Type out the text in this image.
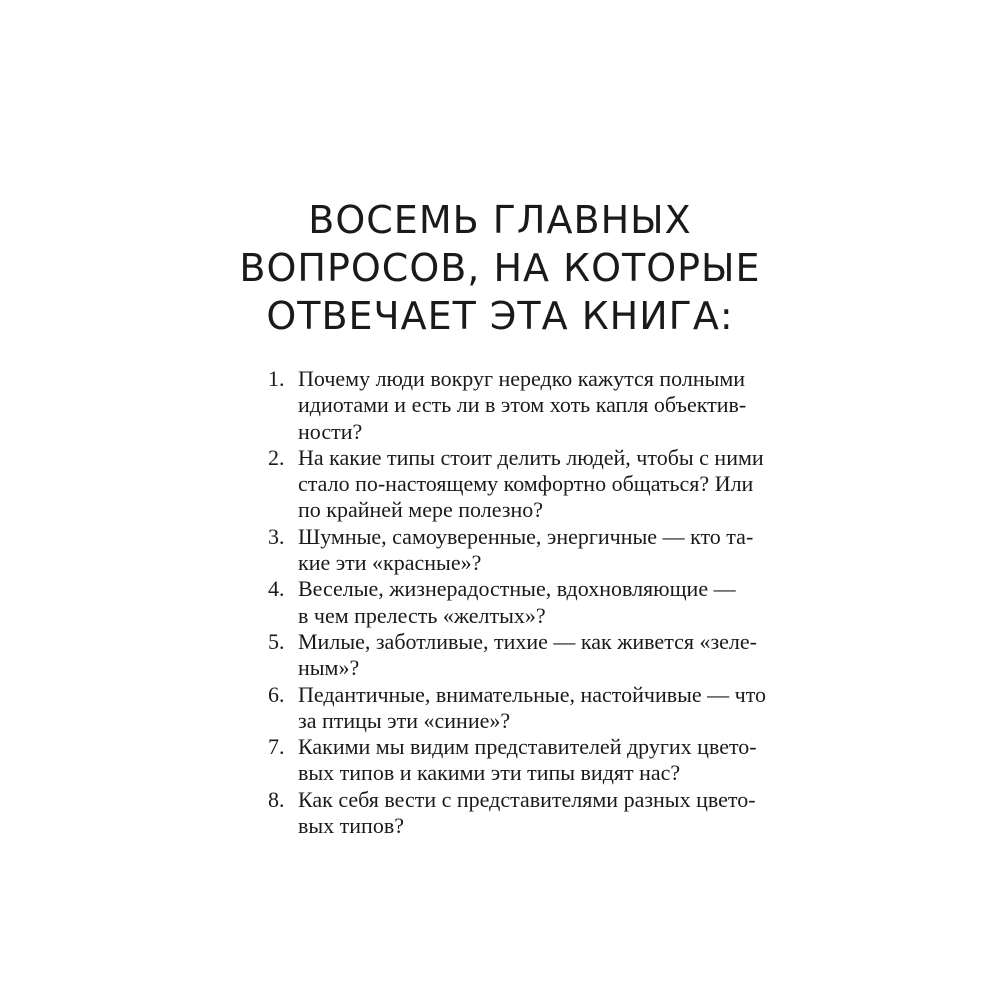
ВОСЕМЬ ГЛАВНЫХ
ВОПРОСОВ, НА КОТОРЫЕ
ОТВЕЧАЕТ ЭТА КНИГА:
1. Почему люди вокруг нередко кажутся полными
идиотами и есть ли в этом хоть капля объектив-
ности?
2. На какие типы стоит делить людей, чтобы с ними
стало по-настоящему комфортно общаться? Или
по крайней мере полезно?
3. Шумные, самоуверенные, энергичные — кто та-
кие эти «красные»?
4. Веселые, жизнерадостные, вдохновляющие —
в чем прелесть «желтых»?
5. Милые, заботливые, тихие — как живется «зеле-
ным»?
6. Педантичные, внимательные, настойчивые — что
за птицы эти «синие»?
7. Какими мы видим представителей других цвето-
вых типов и какими эти типы видят нас?
8. Как себя вести с представителями разных цвето-
вых типов?
